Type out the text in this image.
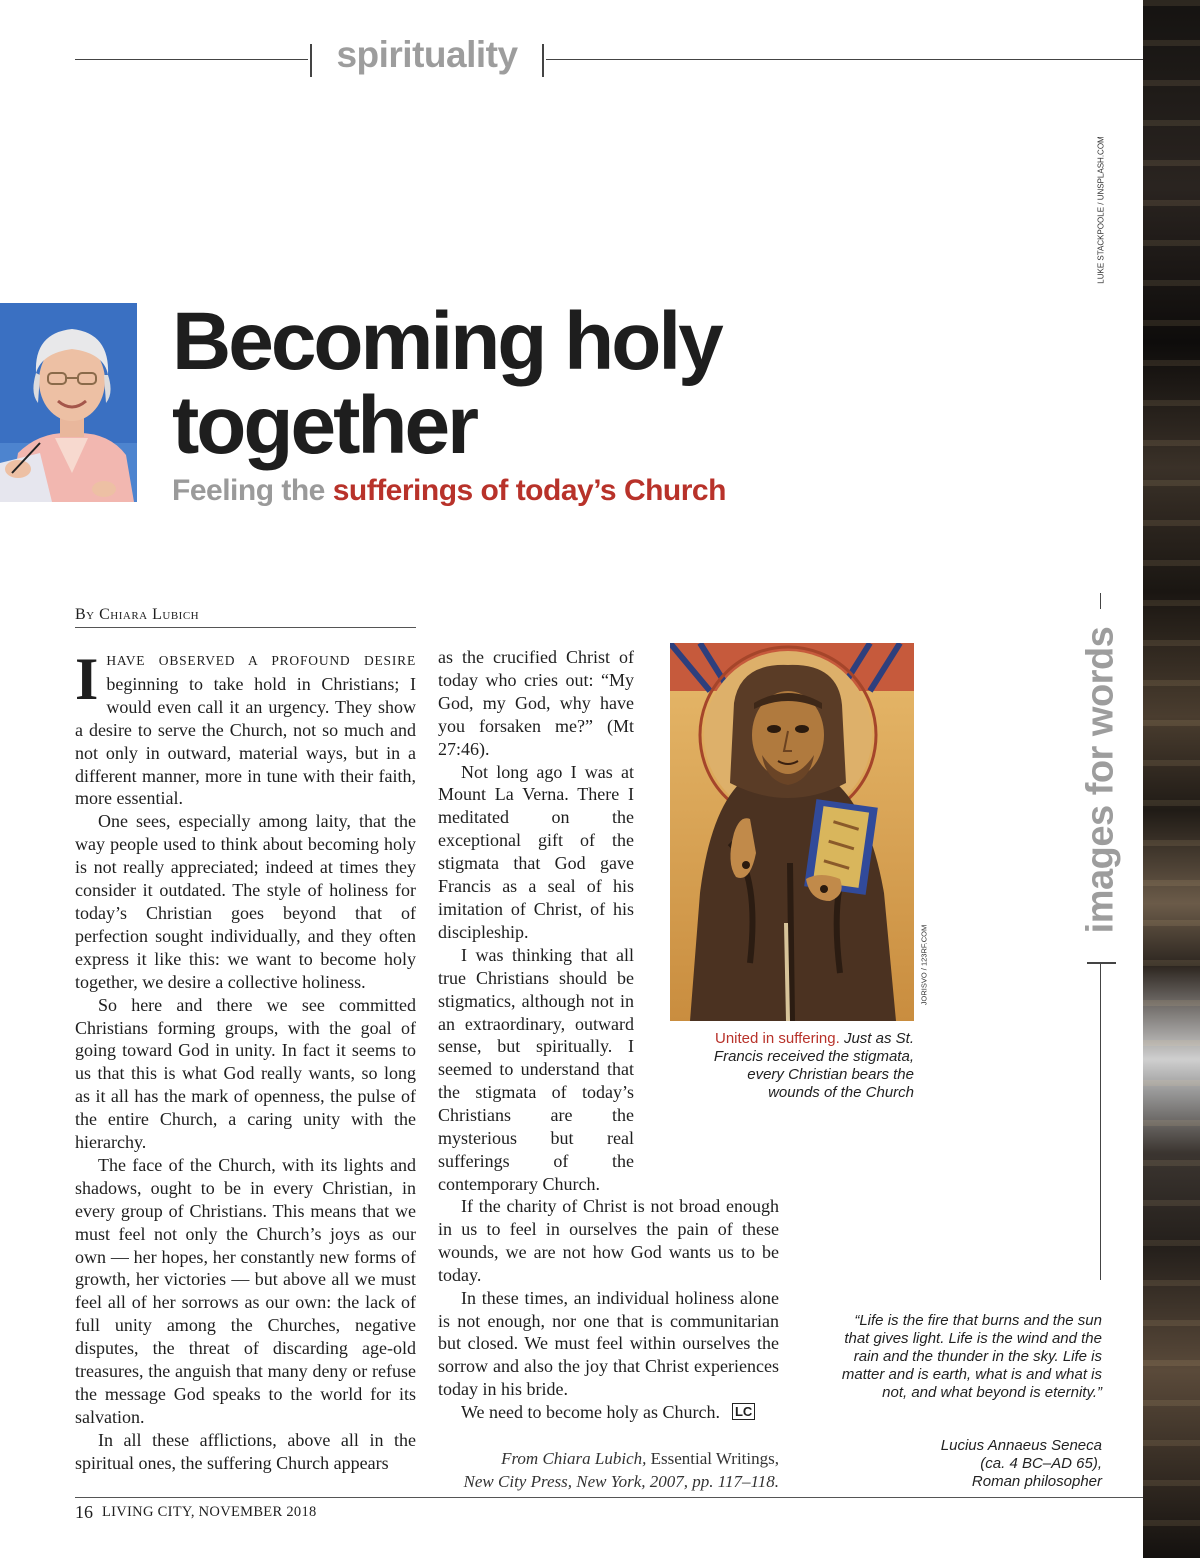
spirituality
LUKE STACKPOOLE / UNSPLASH.COM
Becoming holy together
Feeling the sufferings of today’s Church
By Chiara Lubich

IHAVE OBSERVED A PROFOUND DESIRE beginning to take hold in Christians; I would even call it an urgency. They show a desire to serve the Church, not so much and not only in outward, material ways, but in a different manner, more in tune with their faith, more essential.

One sees, especially among laity, that the way people used to think about becoming holy is not really appreciated; indeed at times they consider it outdated. The style of holiness for today’s Christian goes beyond that of perfection sought individually, and they often express it like this: we want to become holy together, we desire a collective holiness.

So here and there we see committed Christians forming groups, with the goal of going toward God in unity. In fact it seems to us that this is what God really wants, so long as it all has the mark of openness, the pulse of the entire Church, a caring unity with the hierarchy.

The face of the Church, with its lights and shadows, ought to be in every Christian, in every group of Christians. This means that we must feel not only the Church’s joys as our own — her hopes, her constantly new forms of growth, her victories — but above all we must feel all of her sorrows as our own: the lack of full unity among the Churches, negative disputes, the threat of discarding age-old treasures, the anguish that many deny or refuse the message God speaks to the world for its salvation.

In all these afflictions, above all in the spiritual ones, the suffering Church appears

as the crucified Christ of today who cries out: “My God, my God, why have you forsaken me?” (Mt 27:46).

Not long ago I was at Mount La Verna. There I meditated on the exceptional gift of the stigmata that God gave Francis as a seal of his imitation of Christ, of his discipleship.

I was thinking that all true Christians should be stigmatics, although not in an extraordinary, outward sense, but spiritually. I seemed to understand that the stigmata of today’s Christians are the mysterious but real sufferings of the contemporary Church.

If the charity of Christ is not broad enough in us to feel in ourselves the pain of these wounds, we are not how God wants us to be today.

In these times, an individual holiness alone is not enough, nor one that is communitarian but closed. We must feel within ourselves the sorrow and also the joy that Christ experiences today in his bride.

We need to become holy as Church. LC

JORISVO / 123RF.COM
United in suffering. Just as St. Francis received the stigmata, every Christian bears the wounds of the Church
images for words
“Life is the fire that burns and the sun that gives light. Life is the wind and the rain and the thunder in the sky. Life is matter and is earth, what is and what is not, and what beyond is eternity.”
Lucius Annaeus Seneca
(ca. 4 BC–AD 65),
Roman philosopher
From Chiara Lubich, Essential Writings,
New City Press, New York, 2007, pp. 117–118.
16 LIVING CITY, NOVEMBER 2018
